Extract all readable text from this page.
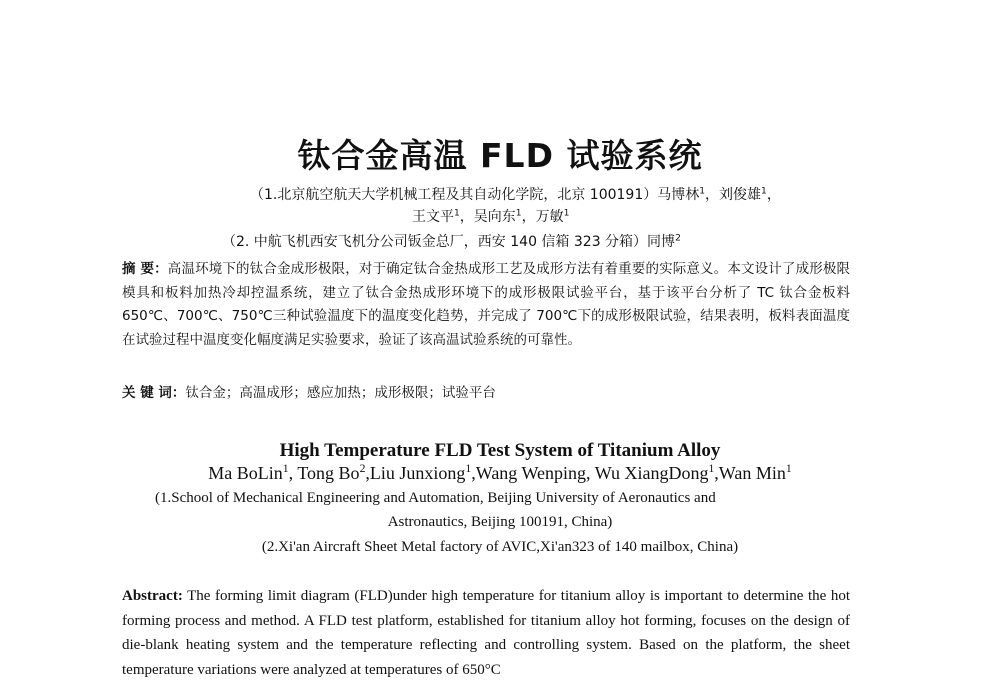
钛合金高温 FLD 试验系统
（1.北京航空航天大学机械工程及其自动化学院，北京 100191）马博林$^1$，刘俊雄$^1$，
王文平$^1$，吴向东$^1$，万敏$^1$
（2. 中航飞机西安飞机分公司钣金总厂，西安 140 信箱 323 分箱）同博$^2$
摘 要：高温环境下的钛合金成形极限，对于确定钛合金热成形工艺及成形方法有着重要的实际意义。本文设计了成形极限模具和板料加热冷却控温系统，建立了钛合金热成形环境下的成形极限试验平台，基于该平台分析了 TC 钛合金板料 650℃、700℃、750℃三种试验温度下的温度变化趋势，并完成了 700℃下的成形极限试验，结果表明，板料表面温度在试验过程中温度变化幅度满足实验要求，验证了该高温试验系统的可靠性。
关 键 词：钛合金；高温成形；感应加热；成形极限；试验平台
High Temperature FLD Test System of Titanium Alloy
Ma BoLin$^1$, Tong Bo$^2$,Liu Junxiong$^1$,Wang Wenping, Wu XiangDong$^1$,Wan Min$^1$
(1.School of Mechanical Engineering and Automation, Beijing University of Aeronautics and
Astronautics, Beijing 100191, China)
(2.Xi'an Aircraft Sheet Metal factory of AVIC,Xi'an323 of 140 mailbox, China)
Abstract: The forming limit diagram (FLD)under high temperature for titanium alloy is important to determine the hot forming process and method. A FLD test platform, established for titanium alloy hot forming, focuses on the design of die-blank heating system and the temperature reflecting and controlling system. Based on the platform, the sheet temperature variations were analyzed at temperatures of 650°C
